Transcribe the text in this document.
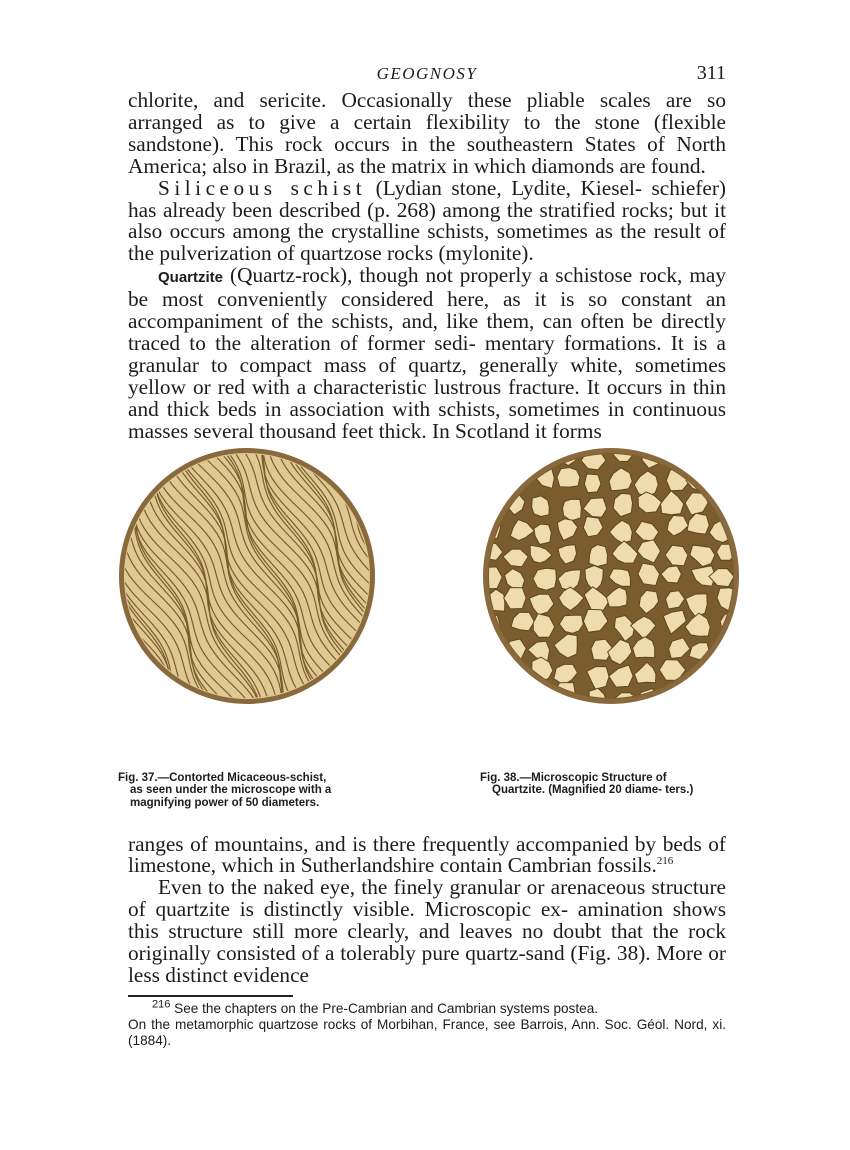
GEOGNOSY	311

chlorite, and sericite. Occasionally these pliable scales are so arranged as to give a certain flexibility to the stone (flexible sandstone). This rock occurs in the southeastern States of North America; also in Brazil, as the matrix in which diamonds are found.

Siliceous schist (Lydian stone, Lydite, Kiesel- schiefer) has already been described (p. 268) among the stratified rocks; but it also occurs among the crystalline schists, sometimes as the result of the pulverization of quartzose rocks (mylonite).

Quartzite (Quartz-rock), though not properly a schistose rock, may be most conveniently considered here, as it is so constant an accompaniment of the schists, and, like them, can often be directly traced to the alteration of former sedi- mentary formations. It is a granular to compact mass of quartz, generally white, sometimes yellow or red with a characteristic lustrous fracture. It occurs in thin and thick beds in association with schists, sometimes in continuous masses several thousand feet thick. In Scotland it forms

Fig. 37.—Contorted Micaceous-schist,
as seen under the microscope with a magnifying power of 50 diameters.
Fig. 38.—Microscopic Structure of
Quartzite. (Magnified 20 diame- ters.)

ranges of mountains, and is there frequently accompanied by beds of limestone, which in Sutherlandshire contain Cambrian fossils.$^{216}$

Even to the naked eye, the finely granular or arenaceous structure of quartzite is distinctly visible. Microscopic ex- amination shows this structure still more clearly, and leaves no doubt that the rock originally consisted of a tolerably pure quartz-sand (Fig. 38). More or less distinct evidence

$^{216}$ See the chapters on the Pre-Cambrian and Cambrian systems postea.

On the metamorphic quartzose rocks of Morbihan, France, see Barrois, Ann. Soc. Géol. Nord, xi. (1884).
